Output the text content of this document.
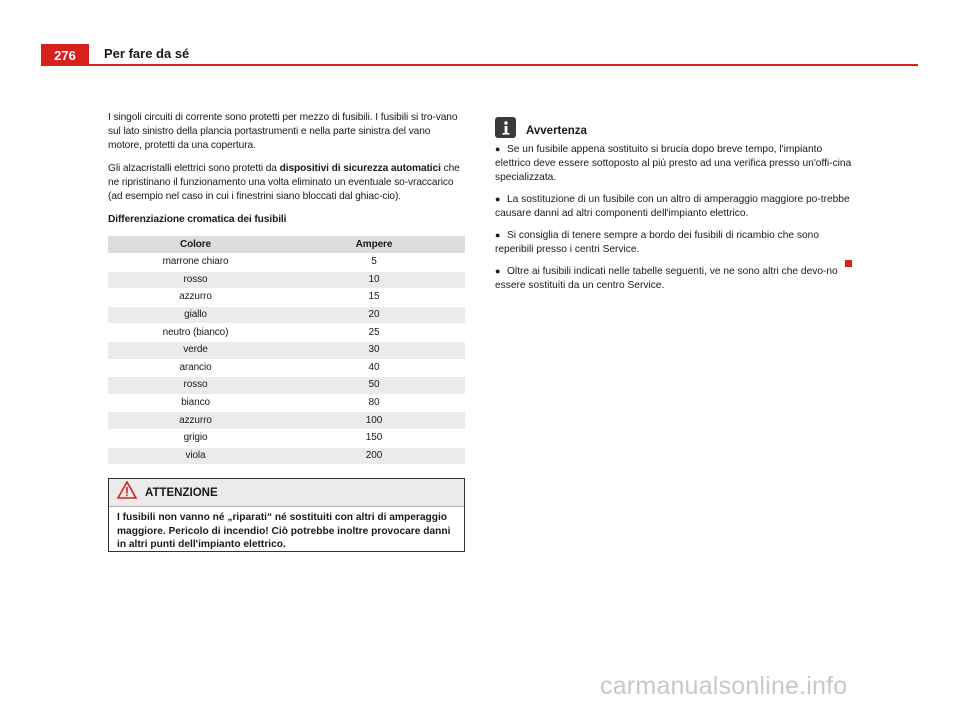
276	Per fare da sé

I singoli circuiti di corrente sono protetti per mezzo di fusibili. I fusibili si tro-vano sul lato sinistro della plancia portastrumenti e nella parte sinistra del vano motore, protetti da una copertura.

Gli alzacristalli elettrici sono protetti da dispositivi di sicurezza automatici che ne ripristinano il funzionamento una volta eliminato un eventuale so-vraccarico (ad esempio nel caso in cui i finestrini siano bloccati dal ghiac-cio).

Differenziazione cromatica dei fusibili
Colore	Ampere
marrone chiaro	5
rosso	10
azzurro	15
giallo	20
neutro (bianco)	25
verde	30
arancio	40
rosso	50
bianco	80
azzurro	100
grigio	150
viola	200
ATTENZIONE
I fusibili non vanno né „riparati“ né sostituiti con altri di amperaggio maggiore. Pericolo di incendio! Ciò potrebbe inoltre provocare danni in altri punti dell'impianto elettrico.
Avvertenza

● Se un fusibile appena sostituito si brucia dopo breve tempo, l'impianto elettrico deve essere sottoposto al più presto ad una verifica presso un'offi-cina specializzata.

● La sostituzione di un fusibile con un altro di amperaggio maggiore po-trebbe causare danni ad altri componenti dell'impianto elettrico.

● Si consiglia di tenere sempre a bordo dei fusibili di ricambio che sono reperibili presso i centri Service.

● Oltre ai fusibili indicati nelle tabelle seguenti, ve ne sono altri che devo-no essere sostituiti da un centro Service.

carmanualsonline.info
